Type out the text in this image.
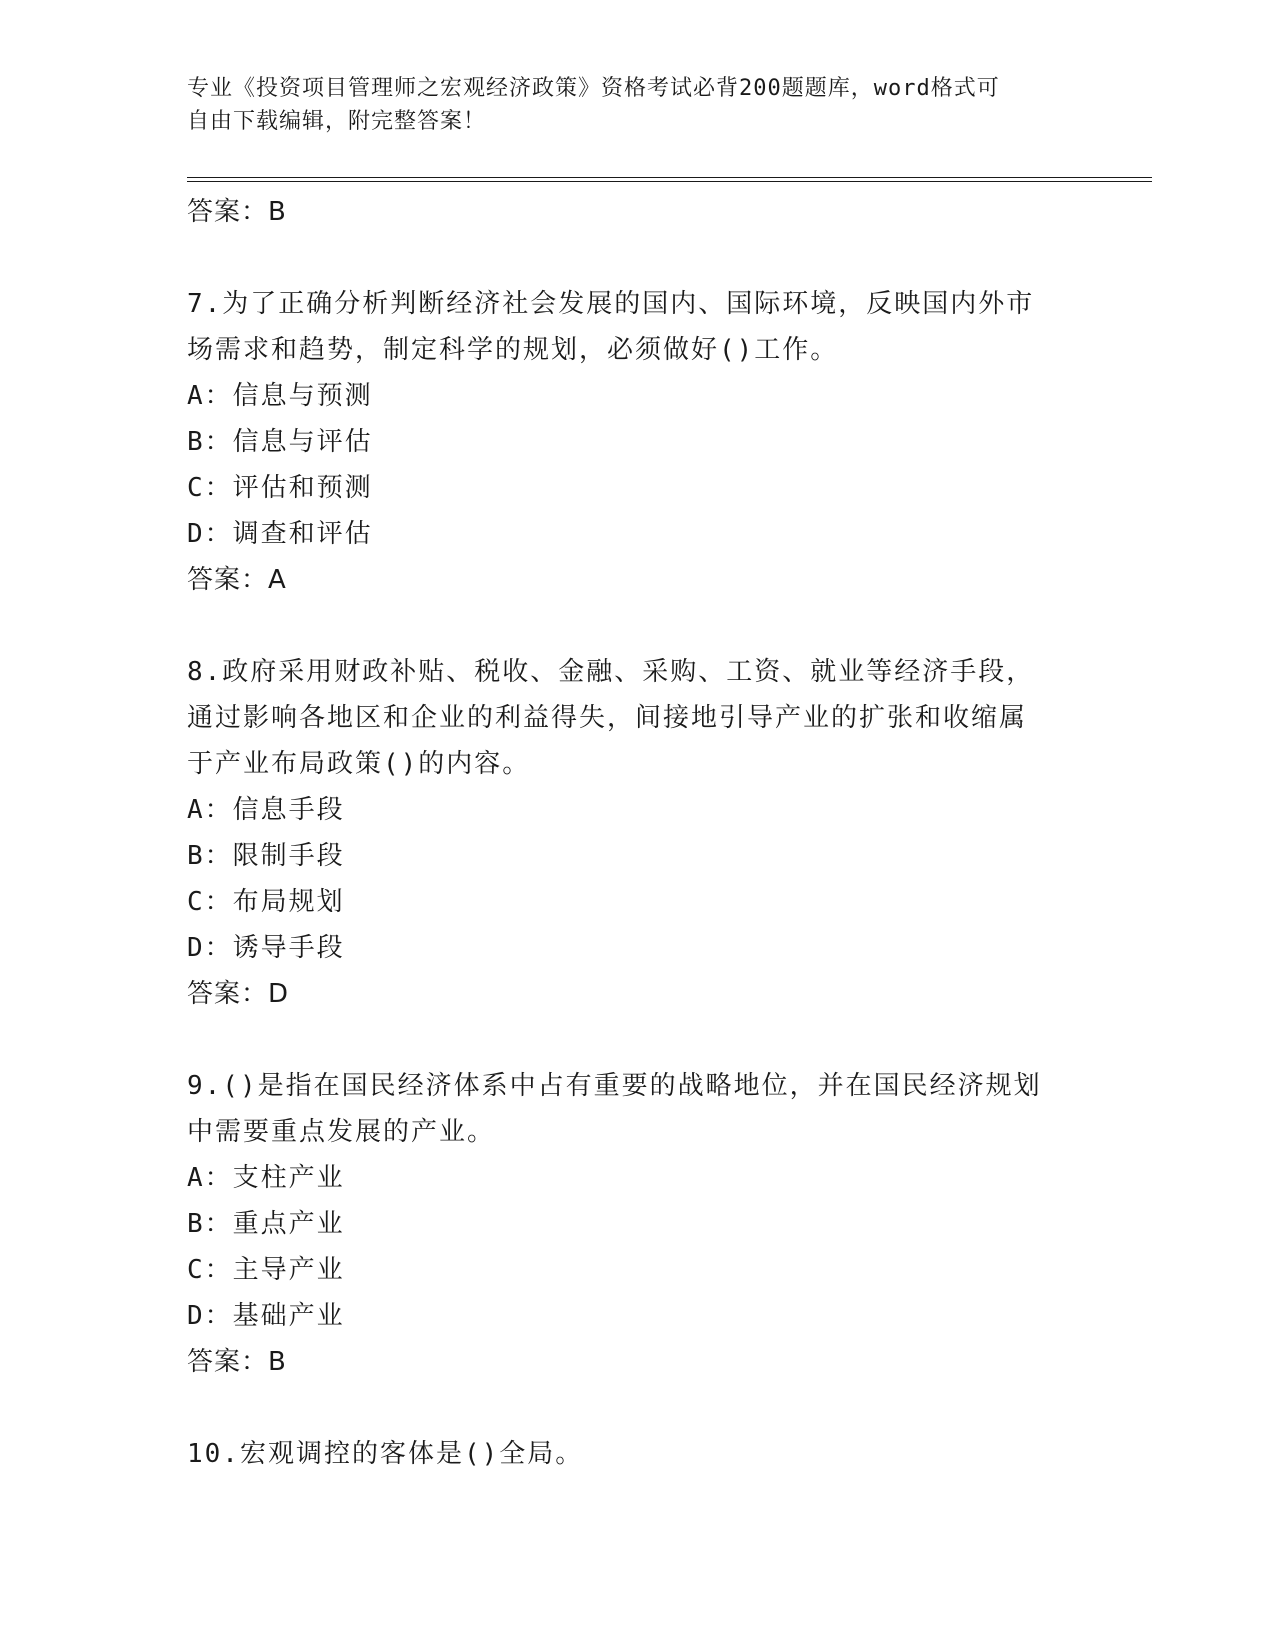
专业《投资项目管理师之宏观经济政策》资格考试必背200题题库，word格式可
自由下载编辑，附完整答案！
答案：B
7.为了正确分析判断经济社会发展的国内、国际环境，反映国内外市
场需求和趋势，制定科学的规划，必须做好()工作。
A：信息与预测
B：信息与评估
C：评估和预测
D：调查和评估
答案：A
8.政府采用财政补贴、税收、金融、采购、工资、就业等经济手段，
通过影响各地区和企业的利益得失，间接地引导产业的扩张和收缩属
于产业布局政策()的内容。
A：信息手段
B：限制手段
C：布局规划
D：诱导手段
答案：D
9.()是指在国民经济体系中占有重要的战略地位，并在国民经济规划
中需要重点发展的产业。
A：支柱产业
B：重点产业
C：主导产业
D：基础产业
答案：B
10.宏观调控的客体是()全局。
